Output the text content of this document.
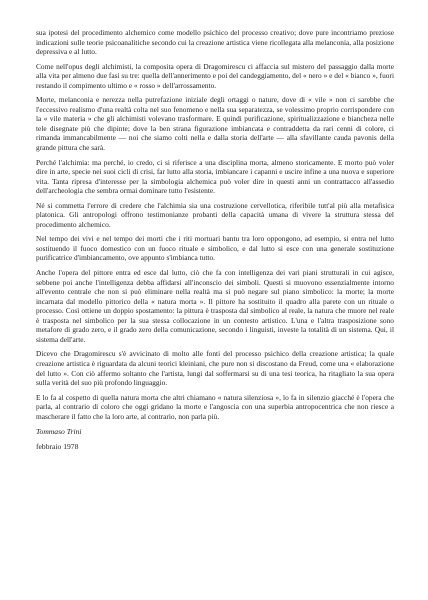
sua ipotesi del procedimento alchemico come modello psichico del processo creativo; dove pure incontriamo preziose indicazioni sulle teorie psicoanalitiche secondo cui la creazione artistica viene ricollegata alla melanconia, alla posizione depressiva e al lutto.

Come nell'opus degli alchimisti, la composita opera di Dragomirescu ci affaccia sul mistero del passaggio dalla morte alla vita per almeno due fasi su tre: quella dell'annerimento e poi del candeggiamento, del « nero » e del « bianco », fuori restando il compimento ultimo e « rosso » dell'arrossamento.

Morte, melanconia e nerezza nella putrefazione iniziale degli ortaggi o nature, dove di « vile » non ci sarebbe che l'eccessivo realismo d'una realtà colta nel suo fenomeno e nella sua separatezza, se volessimo proprio corrispondere con la « vile materia » che gli alchimisti volevano trasformare. E quindi purificazione, spiritualizzazione e biancheza nelle tele disegnate più che dipinte; dove la ben strana figurazione imbiancata e contraddetta da rari cenni di colore, ci rimanda immancabilmente — noi che siamo colti nella e dalla storia dell'arte — alla sfavillante cauda pavonis della grande pittura che sarà.

Perché l'alchimia: ma perché, io credo, ci si riferisce a una disciplina morta, almeno storicamente. E morto può voler dire in arte, specie nei suoi cicli di crisi, far lutto alla storia, imbiancare i capanni e uscire infine a una nuova e superiore vita. Tanta ripresa d'interesse per la simbologia alchemica può voler dire in questi anni un contrattacco all'assedio dell'archeologia che sembra ormai dominare tutto l'esistente.

Né si commetta l'errore di credere che l'alchimia sia una costruzione cervellotica, riferibile tutt'al più alla metafisica platonica. Gli antropologi offrono testimonianze probanti della capacità umana di vivere la struttura stessa del procedimento alchemico.

Nel tempo dei vivi e nel tempo dei morti che i riti mortuari bantu tra loro oppongono, ad esempio, si entra nel lutto sostituendo il fuoco domestico con un fuoco rituale e simbolico, e dal lutto si esce con una generale sostituzione purificatrice d'imbiancamento, ove appunto s'imbianca tutto.

Anche l'opera del pittore entra ed esce dal lutto, ciò che fa con intelligenza dei vari piani strutturali in cui agisce, sebbene poi anche l'intelligenza debba affidarsi all'inconscio dei simboli. Questi si muovono essenzialmente intorno all'evento centrale che non si può eliminare nella realtà ma si può negare sul piano simbolico: la morte; la morte incarnata dal modello pittorico della « natura morta ». Il pittore ha sostituito il quadro alla parete con un rituale o processo. Così ottiene un doppio spostamento: la pittura è trasposta dal simbolico al reale, la natura che muore nel reale è trasposta nel simbolico per la sua stessa collocazione in un contesto artistico. L'una e l'altra trasposizione sono metafore di grado zero, e il grado zero della comunicazione, secondo i linguisti, investe la totalità di un sistema. Qui, il sistema dell'arte.

Dicevo che Dragomirescu s'è avvicinato di molto alle fonti del processo psichico della creazione artistica; la quale creazione artistica è riguardata da alcuni teorici kleiniani, che pure non si discostano da Freud, come una « elaborazione del lutto ». Con ciò affermo soltanto che l'artista, lungi dal soffermarsi su di una tesi teorica, ha ritagliato la sua opera sulla verità del suo più profondo linguaggio.

E lo fa al cospetto di quella natura morta che altri chiamano « natura silenziosa », lo fa in silenzio giacché è l'opera che parla, al contrario di coloro che oggi gridano la morte e l'angoscia con una superbia antropocentrica che non riesce a mascherare il fatto che la loro arte, al contrario, non parla più.

Tommaso Trini
febbraio 1978
